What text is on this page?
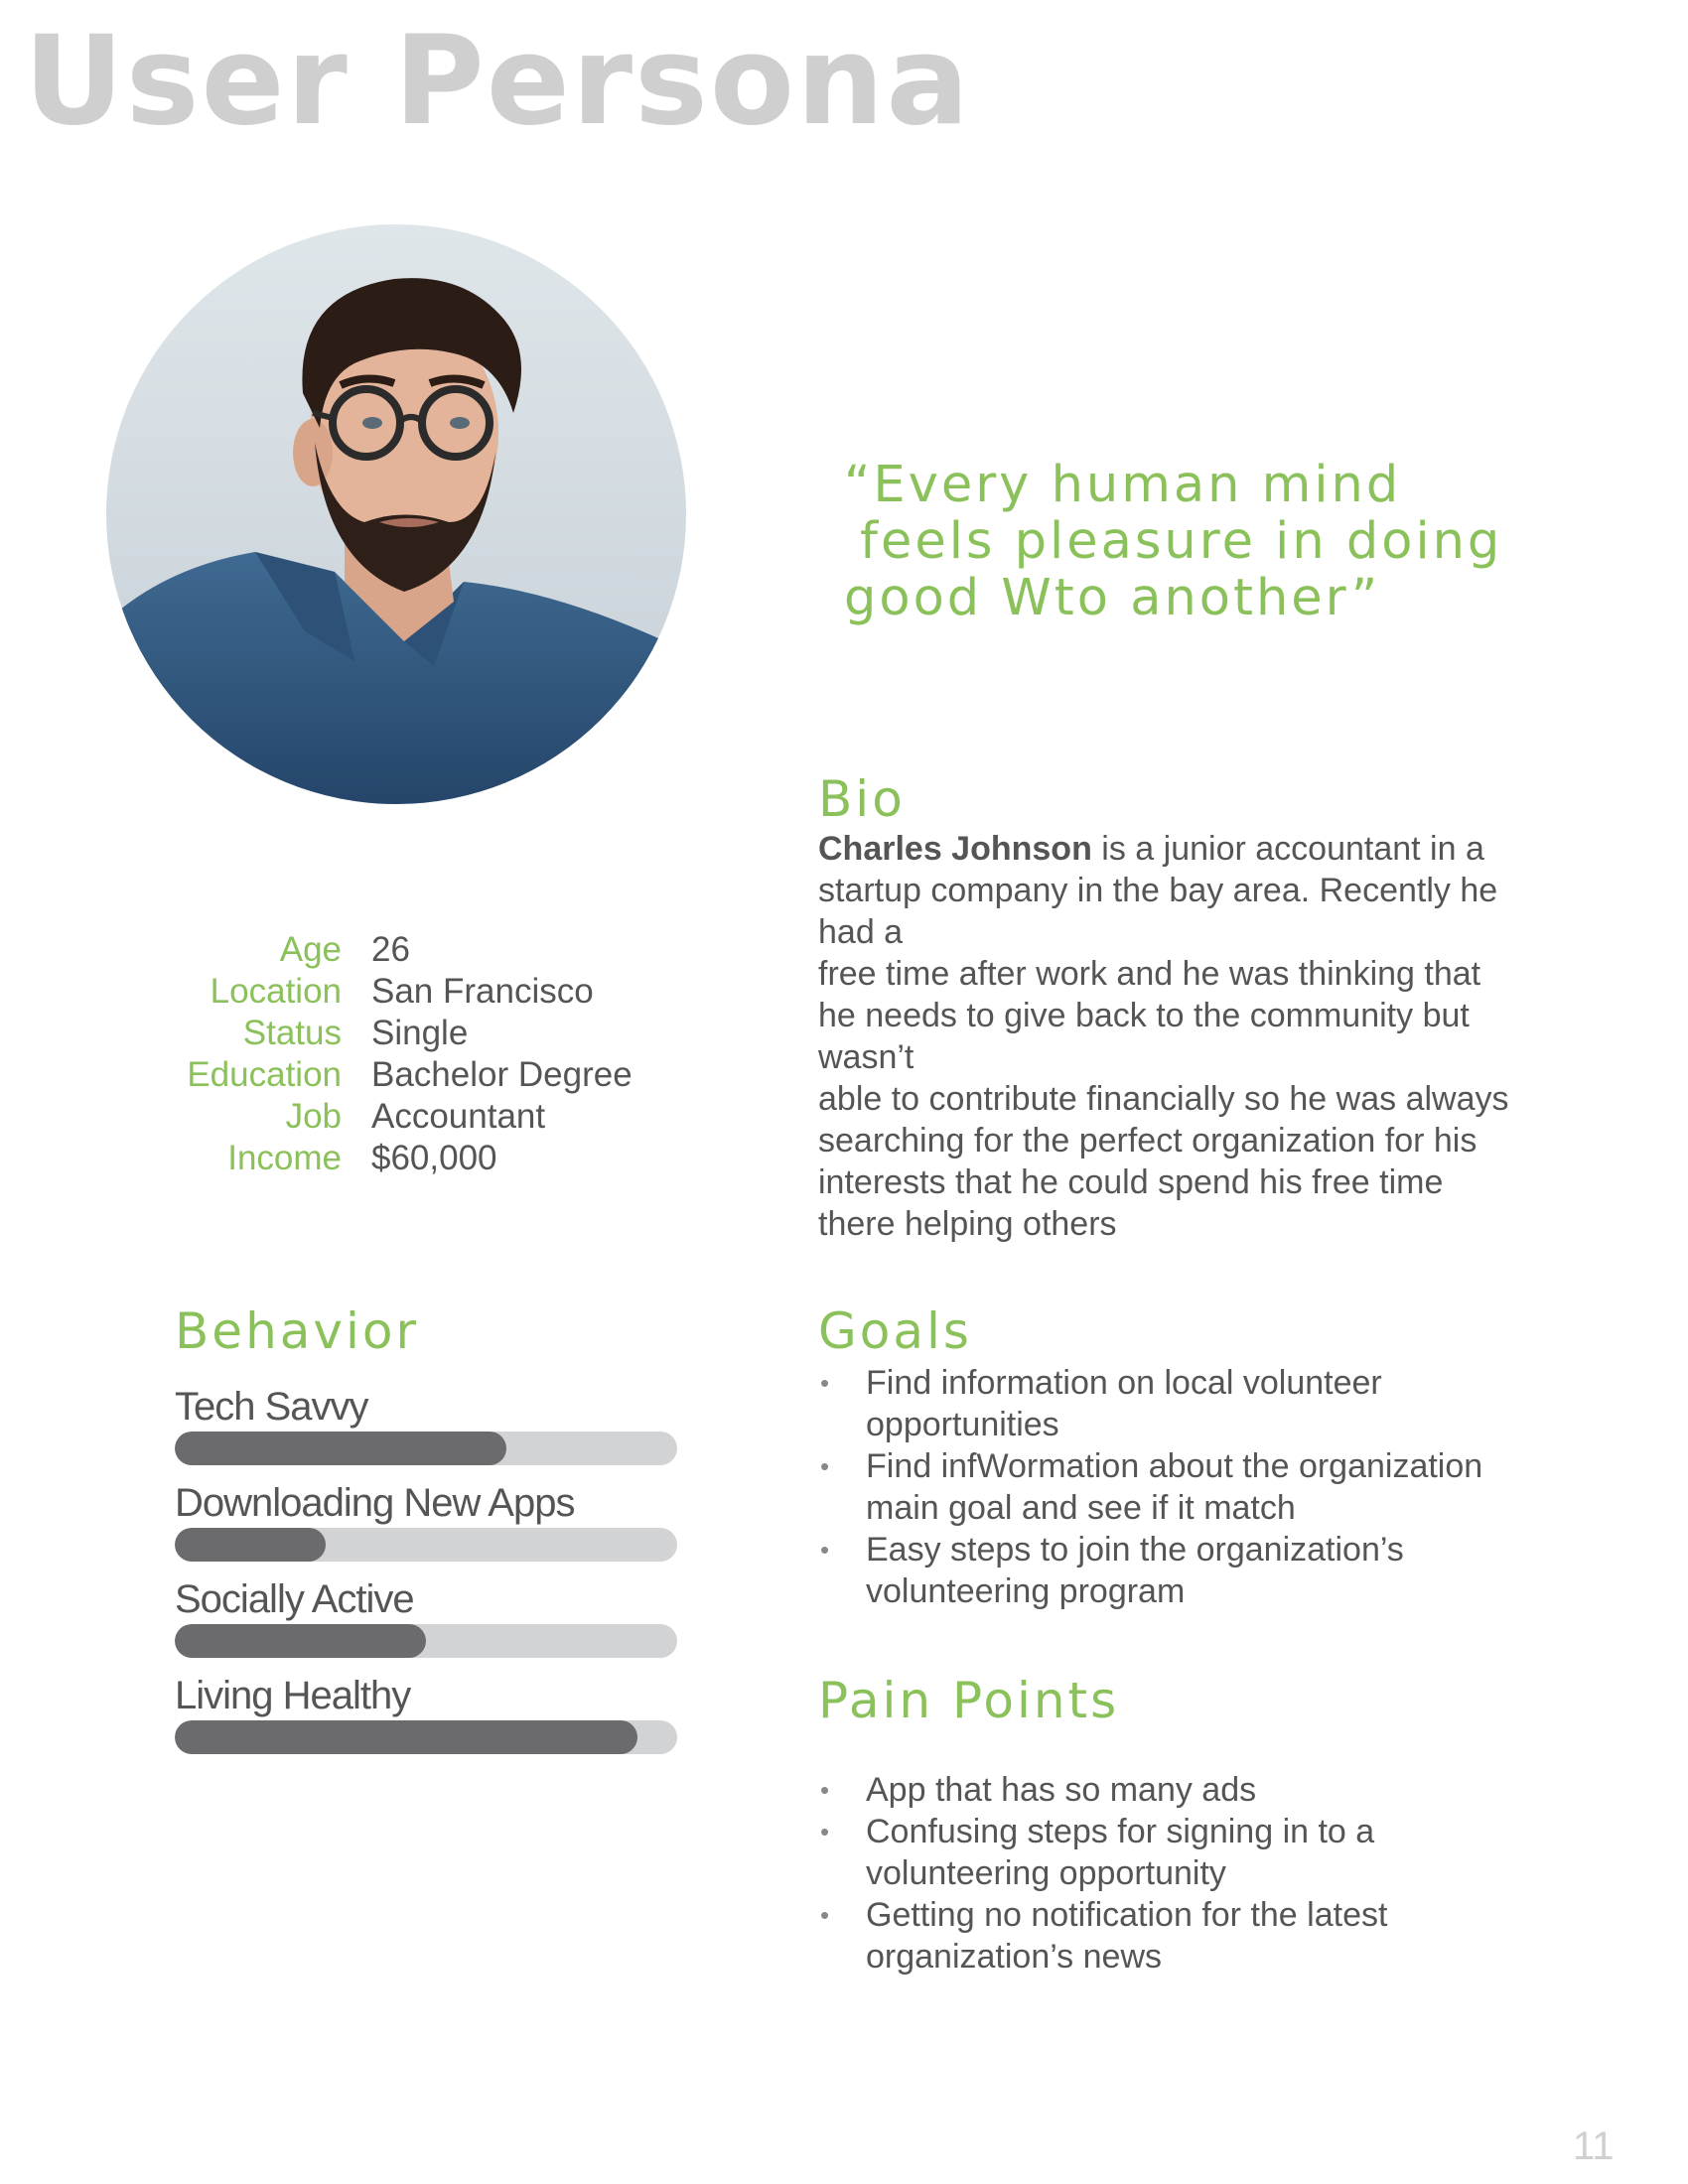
User Persona
“Every human mind
feels pleasure in doing
good Wto another”
Bio
Charles Johnson is a junior accountant in a
startup company in the bay area. Recently he
had a
free time after work and he was thinking that
he needs to give back to the community but
wasn’t
able to contribute financially so he was always
searching for the perfect organization for his
interests that he could spend his free time
there helping others
Age 26
Location San Francisco
Status Single
Education Bachelor Degree
Job Accountant
Income $60,000
Behavior
Tech Savvy
Downloading New Apps
Socially Active
Living Healthy
Goals
• Find information on local volunteer
opportunities
• Find infWormation about the organization
main goal and see if it match
• Easy steps to join the organization’s
volunteering program
Pain Points
• App that has so many ads
• Confusing steps for signing in to a
volunteering opportunity
• Getting no notification for the latest
organization’s news
11
